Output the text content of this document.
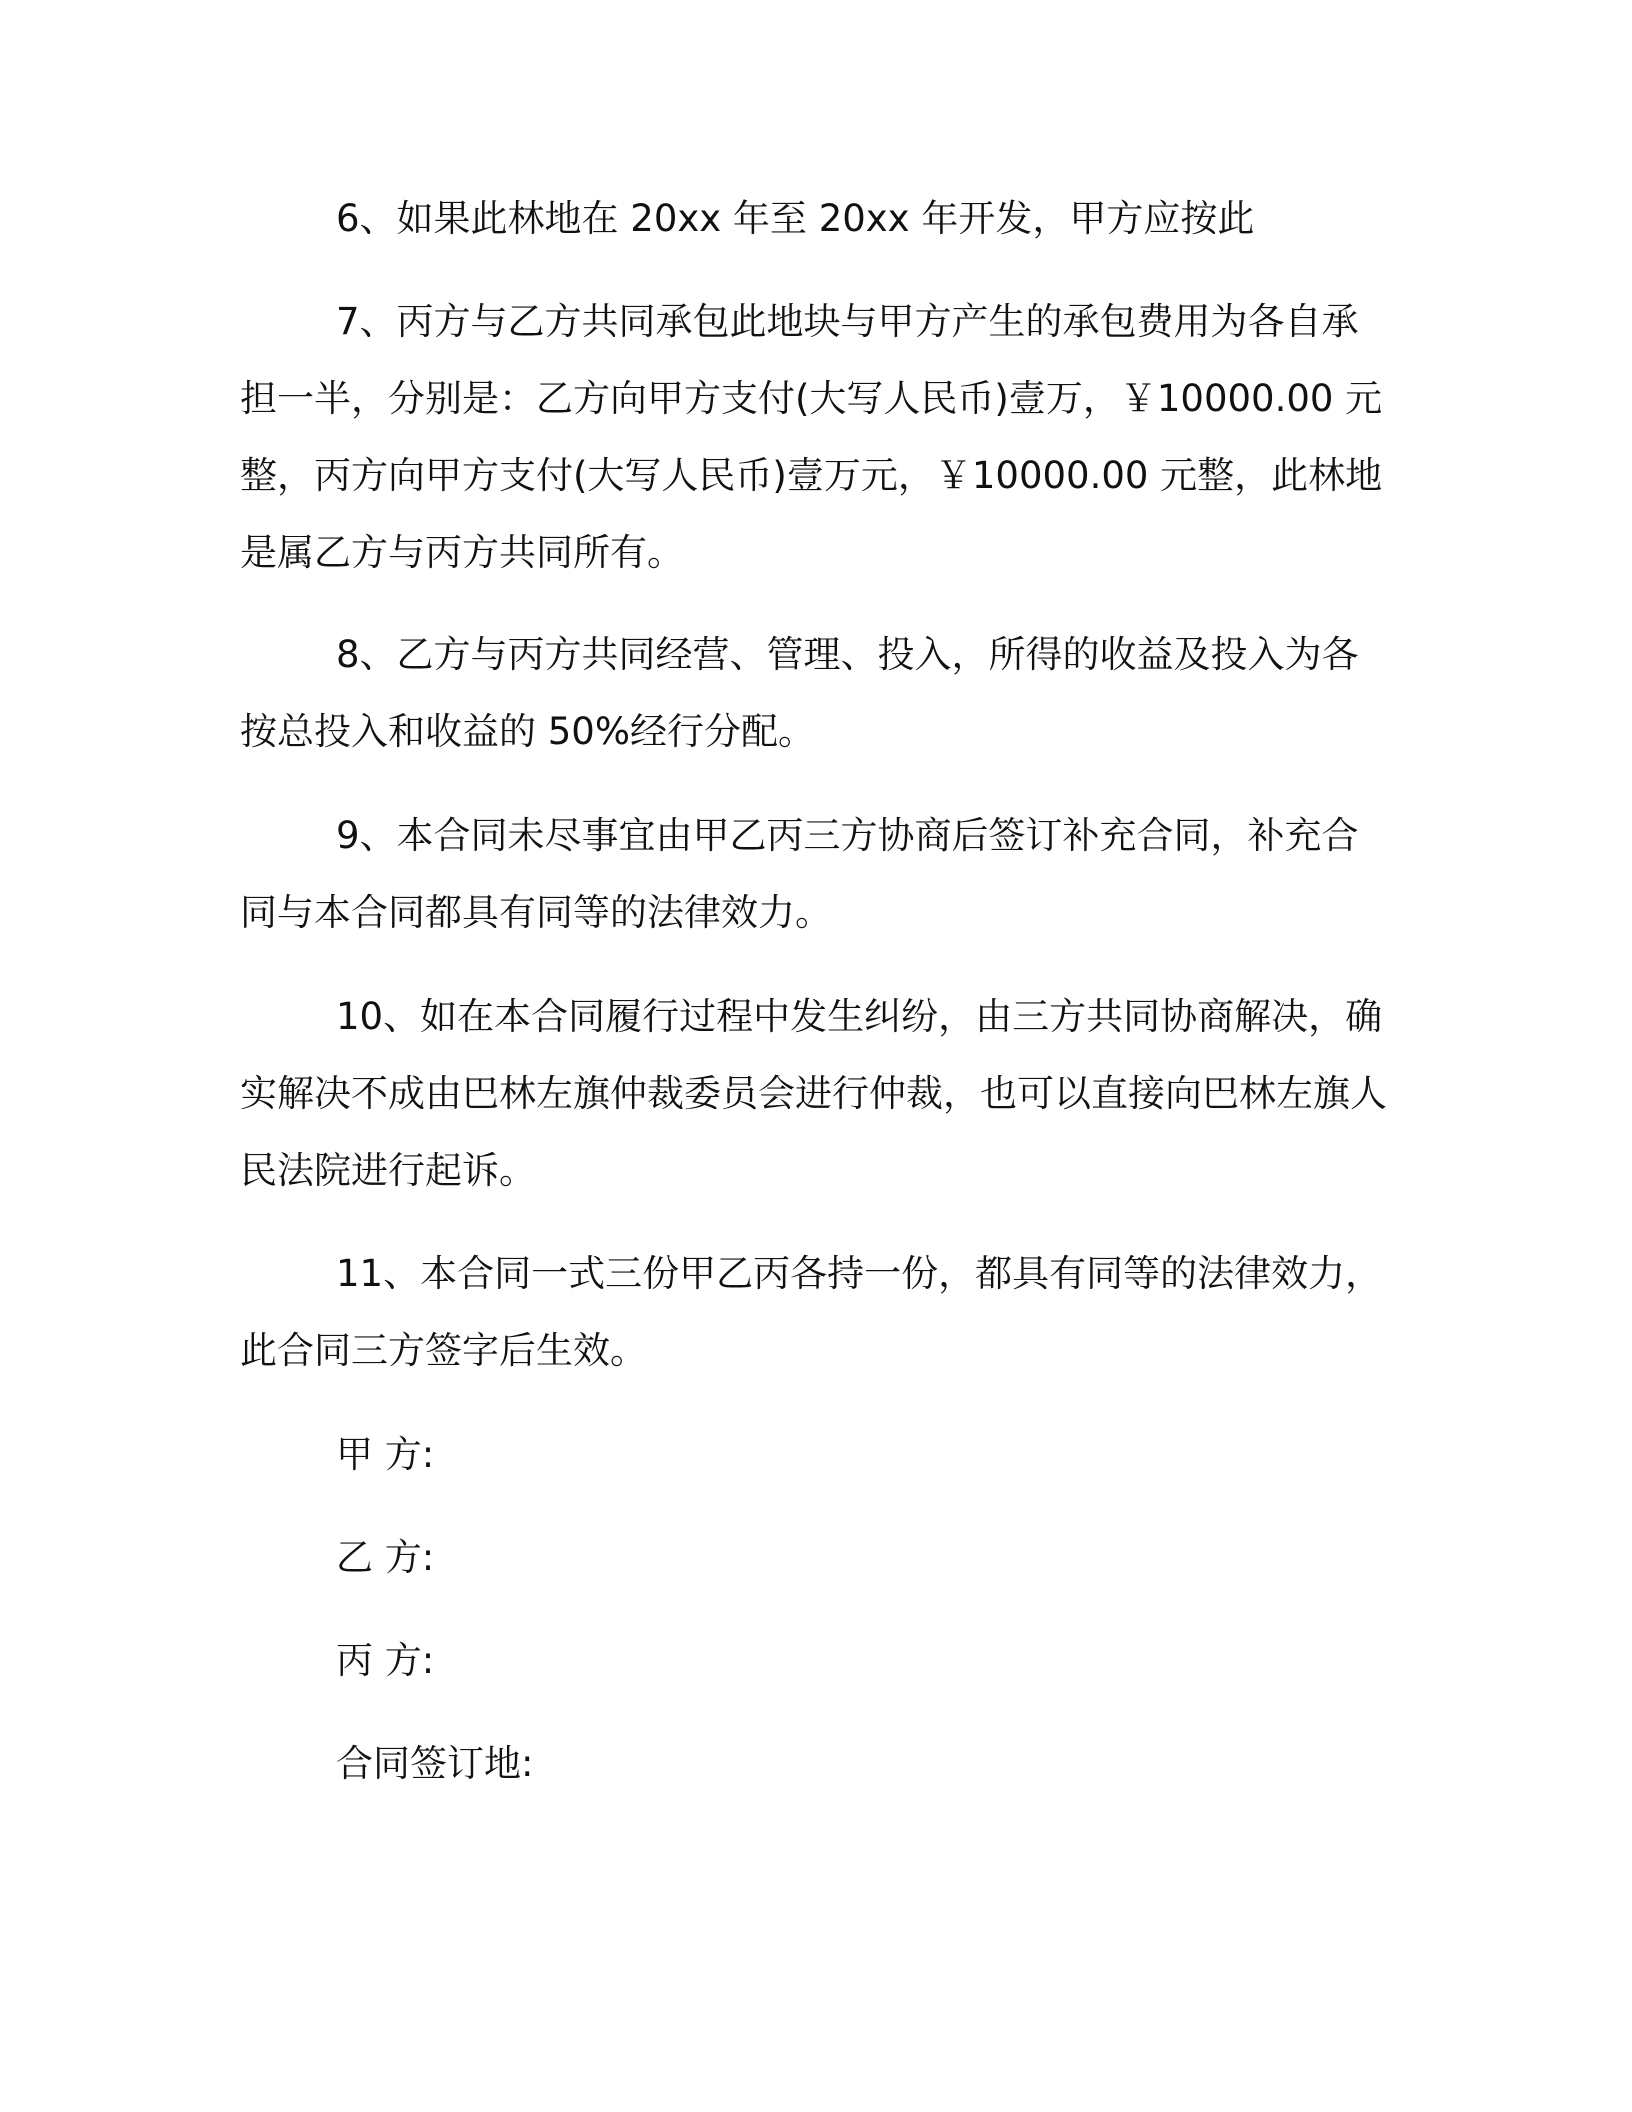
6、如果此林地在 20xx 年至 20xx 年开发，甲方应按此
7、丙方与乙方共同承包此地块与甲方产生的承包费用为各自承担一半，分别是：乙方向甲方支付(大写人民币)壹万，￥10000.00 元整，丙方向甲方支付(大写人民币)壹万元，￥10000.00 元整，此林地是属乙方与丙方共同所有。
8、乙方与丙方共同经营、管理、投入，所得的收益及投入为各按总投入和收益的 50%经行分配。
9、本合同未尽事宜由甲乙丙三方协商后签订补充合同，补充合同与本合同都具有同等的法律效力。
10、如在本合同履行过程中发生纠纷，由三方共同协商解决，确实解决不成由巴林左旗仲裁委员会进行仲裁，也可以直接向巴林左旗人民法院进行起诉。
11、本合同一式三份甲乙丙各持一份，都具有同等的法律效力，此合同三方签字后生效。
甲 方:
乙 方:
丙 方:
合同签订地:
